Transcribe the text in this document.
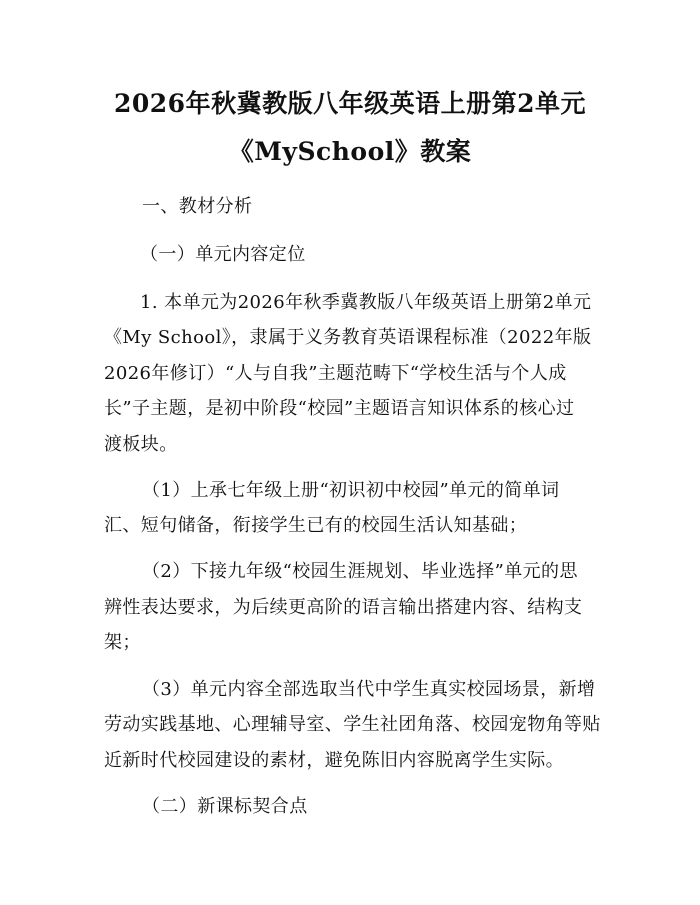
2026年秋冀教版八年级英语上册第2单元
《MySchool》教案
一、教材分析
（一）单元内容定位
1. 本单元为2026年秋季冀教版八年级英语上册第2单元
《My School》，隶属于义务教育英语课程标准（2022年版
2026年修订）“人与自我”主题范畴下“学校生活与个人成
长”子主题，是初中阶段“校园”主题语言知识体系的核心过
渡板块。
（1）上承七年级上册“初识初中校园”单元的简单词
汇、短句储备，衔接学生已有的校园生活认知基础；
（2）下接九年级“校园生涯规划、毕业选择”单元的思
辨性表达要求，为后续更高阶的语言输出搭建内容、结构支
架；
（3）单元内容全部选取当代中学生真实校园场景，新增
劳动实践基地、心理辅导室、学生社团角落、校园宠物角等贴
近新时代校园建设的素材，避免陈旧内容脱离学生实际。
（二）新课标契合点
